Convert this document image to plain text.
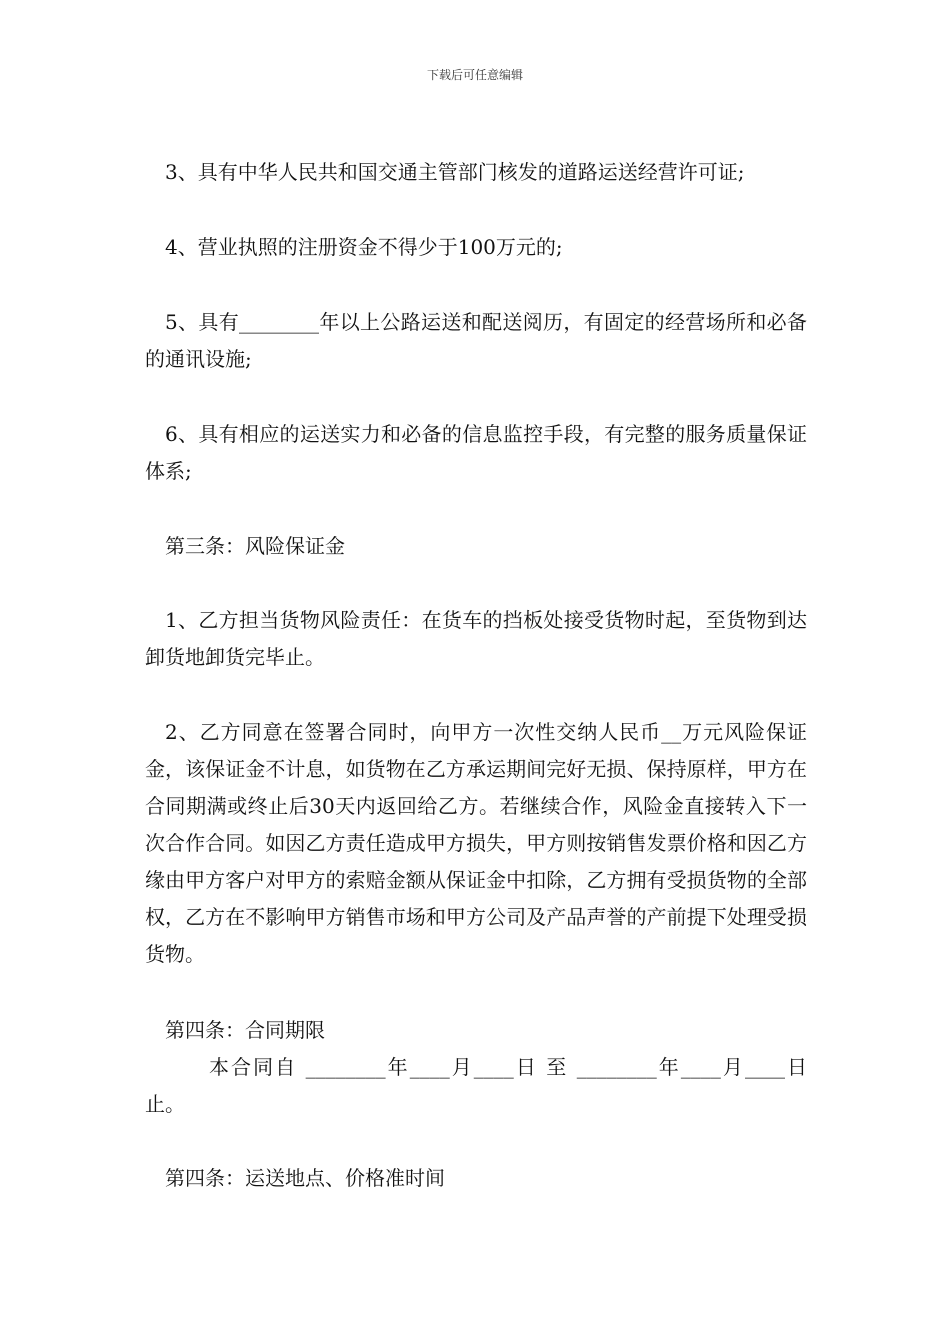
下载后可任意编辑

3、具有中华人民共和国交通主管部门核发的道路运送经营许可证;

4、营业执照的注册资金不得少于100万元的;

5、具有________年以上公路运送和配送阅历，有固定的经营场所和必备的通讯设施;

6、具有相应的运送实力和必备的信息监控手段，有完整的服务质量保证体系;

第三条：风险保证金

1、乙方担当货物风险责任：在货车的挡板处接受货物时起，至货物到达卸货地卸货完毕止。

2、乙方同意在签署合同时，向甲方一次性交纳人民币__万元风险保证金，该保证金不计息，如货物在乙方承运期间完好无损、保持原样，甲方在合同期满或终止后30天内返回给乙方。若继续合作，风险金直接转入下一次合作合同。如因乙方责任造成甲方损失，甲方则按销售发票价格和因乙方缘由甲方客户对甲方的索赔金额从保证金中扣除，乙方拥有受损货物的全部权，乙方在不影响甲方销售市场和甲方公司及产品声誉的产前提下处理受损货物。

第四条：合同期限

本合同自 ________年____月____日 至 ________年____月____日止。

第四条：运送地点、价格准时间
